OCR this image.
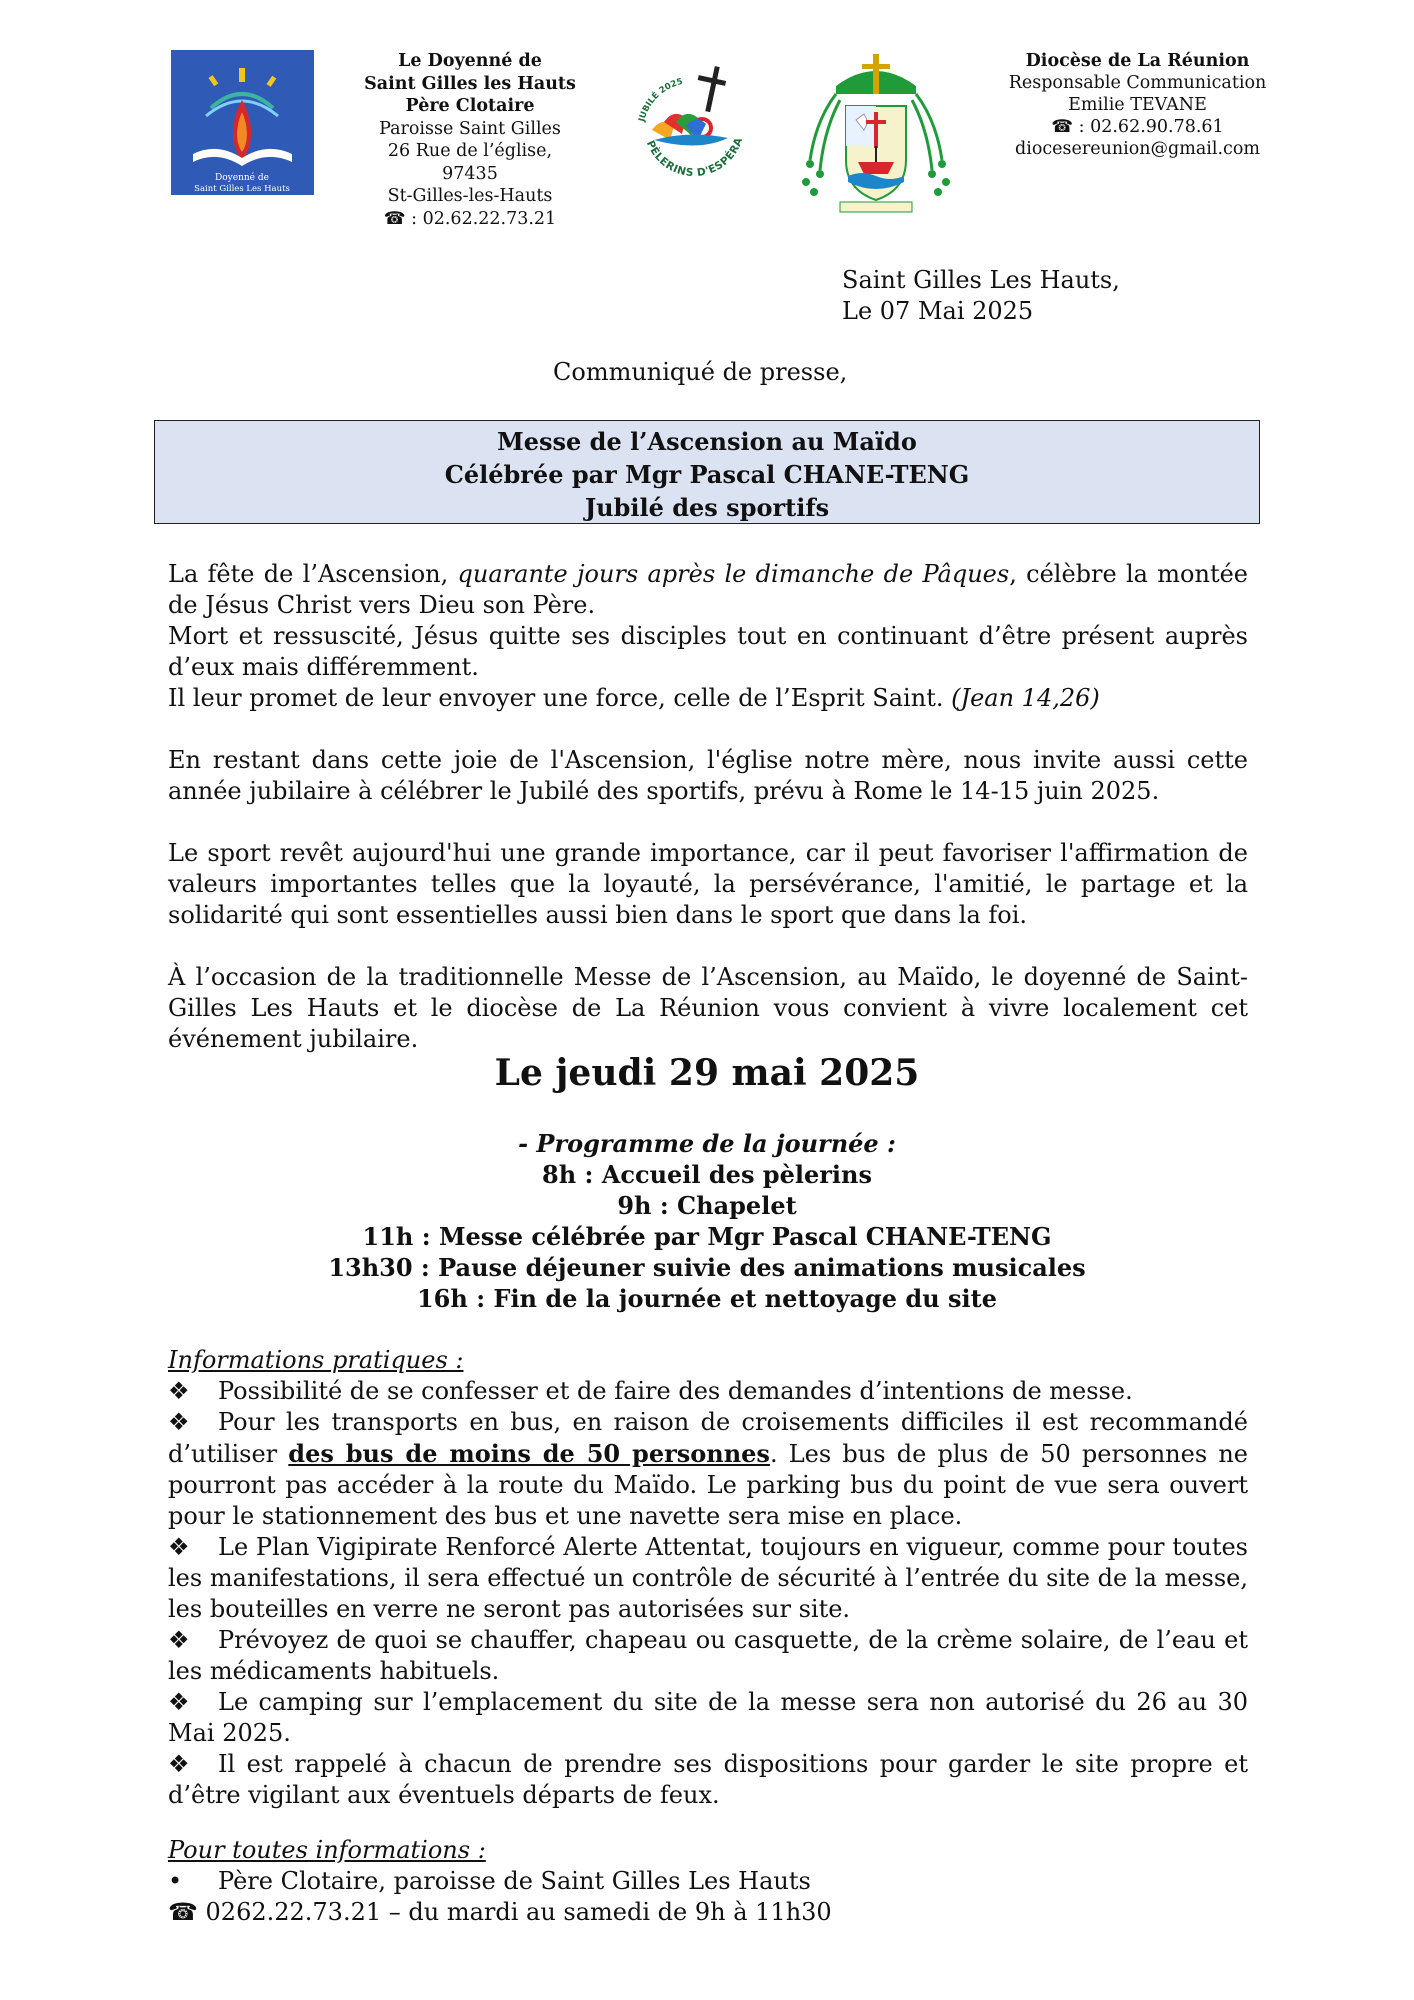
Doyenné de
Saint Gilles Les Hauts
Le Doyenné de
Saint Gilles les Hauts
Père Clotaire
Paroisse Saint Gilles
26 Rue de l’église,
97435
St-Gilles-les-Hauts
☎ : 02.62.22.73.21
JUBILÉ 2025
PÈLERINS D'ESPÉRA
Diocèse de La Réunion
Responsable Communication
Emilie TEVANE
☎ : 02.62.90.78.61
diocesereunion@gmail.com
Saint Gilles Les Hauts,
Le 07 Mai 2025
Communiqué de presse,
Messe de l’Ascension au Maïdo
Célébrée par Mgr Pascal CHANE-TENG
Jubilé des sportifs
La fête de l’Ascension, quarante jours après le dimanche de Pâques, célèbre la montée de Jésus Christ vers Dieu son Père.
Mort et ressuscité, Jésus quitte ses disciples tout en continuant d’être présent auprès d’eux mais différemment.
Il leur promet de leur envoyer une force, celle de l’Esprit Saint. (Jean 14,26)
En restant dans cette joie de l'Ascension, l'église notre mère, nous invite aussi cette année jubilaire à célébrer le Jubilé des sportifs, prévu à Rome le 14-15 juin 2025.
Le sport revêt aujourd'hui une grande importance, car il peut favoriser l'affirmation de valeurs importantes telles que la loyauté, la persévérance, l'amitié, le partage et la solidarité qui sont essentielles aussi bien dans le sport que dans la foi.
À l’occasion de la traditionnelle Messe de l’Ascension, au Maïdo, le doyenné de Saint-Gilles Les Hauts et le diocèse de La Réunion vous convient à vivre localement cet événement jubilaire.
Le jeudi 29 mai 2025
- Programme de la journée :
8h : Accueil des pèlerins
9h : Chapelet
11h : Messe célébrée par Mgr Pascal CHANE-TENG
13h30 : Pause déjeuner suivie des animations musicales
16h : Fin de la journée et nettoyage du site
Informations pratiques :
❖ Possibilité de se confesser et de faire des demandes d’intentions de messe.
❖ Pour les transports en bus, en raison de croisements difficiles il est recommandé d’utiliser des bus de moins de 50 personnes. Les bus de plus de 50 personnes ne pourront pas accéder à la route du Maïdo. Le parking bus du point de vue sera ouvert pour le stationnement des bus et une navette sera mise en place.
❖ Le Plan Vigipirate Renforcé Alerte Attentat, toujours en vigueur, comme pour toutes les manifestations, il sera effectué un contrôle de sécurité à l’entrée du site de la messe, les bouteilles en verre ne seront pas autorisées sur site.
❖ Prévoyez de quoi se chauffer, chapeau ou casquette, de la crème solaire, de l’eau et les médicaments habituels.
❖ Le camping sur l’emplacement du site de la messe sera non autorisé du 26 au 30 Mai 2025.
❖ Il est rappelé à chacun de prendre ses dispositions pour garder le site propre et d’être vigilant aux éventuels départs de feux.
Pour toutes informations :
• Père Clotaire, paroisse de Saint Gilles Les Hauts
☎ 0262.22.73.21 – du mardi au samedi de 9h à 11h30
